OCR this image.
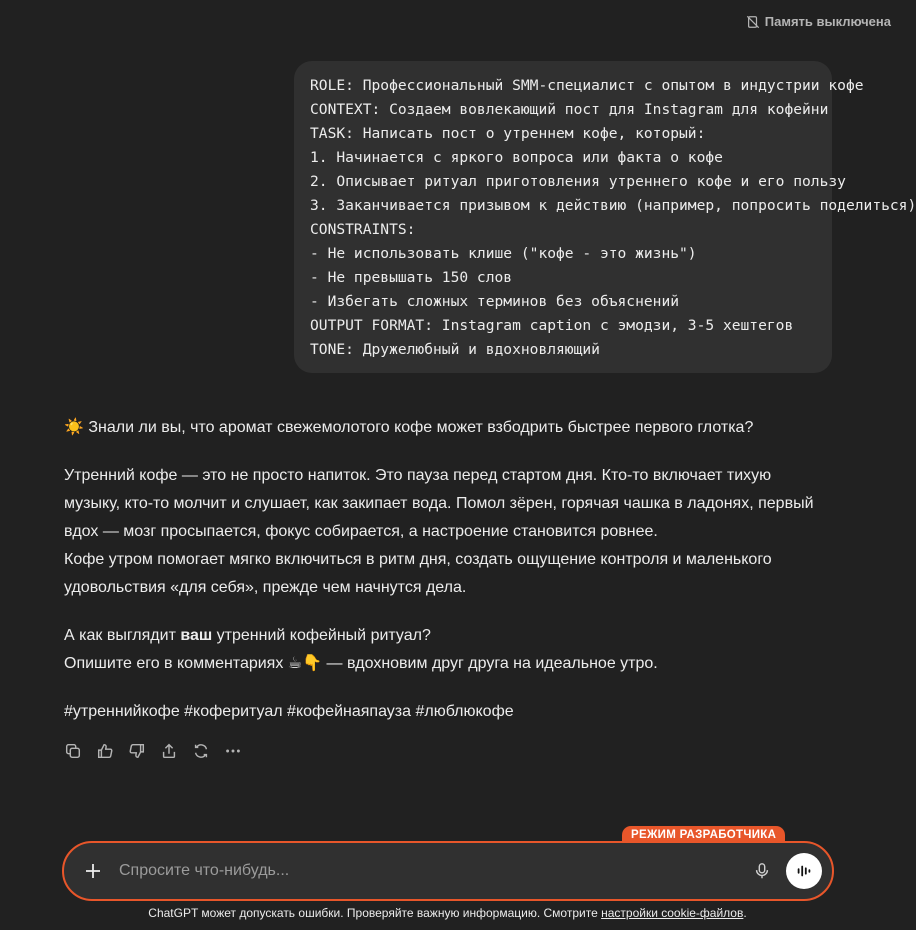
Память выключена
ROLE: Профессиональный SMM-специалист с опытом в индустрии кофе
CONTEXT: Создаем вовлекающий пост для Instagram для кофейни
TASK: Написать пост о утреннем кофе, который:
1. Начинается с яркого вопроса или факта о кофе
2. Описывает ритуал приготовления утреннего кофе и его пользу
3. Заканчивается призывом к действию (например, попросить поделиться)
CONSTRAINTS:
- Не использовать клише ("кофе - это жизнь")
- Не превышать 150 слов
- Избегать сложных терминов без объяснений
OUTPUT FORMAT: Instagram caption с эмодзи, 3-5 хештегов
TONE: Дружелюбный и вдохновляющий

☀️ Знали ли вы, что аромат свежемолотого кофе может взбодрить быстрее первого глотка?

Утренний кофе — это не просто напиток. Это пауза перед стартом дня. Кто-то включает тихую музыку, кто-то молчит и слушает, как закипает вода. Помол зёрен, горячая чашка в ладонях, первый вдох — мозг просыпается, фокус собирается, а настроение становится ровнее.

Кофе утром помогает мягко включиться в ритм дня, создать ощущение контроля и маленького удовольствия «для себя», прежде чем начнутся дела.

А как выглядит ваш утренний кофейный ритуал?

Опишите его в комментариях ☕👇 — вдохновим друг друга на идеальное утро.

#утреннийкофе #коферитуал #кофейнаяпауза #люблюкофе

РЕЖИМ РАЗРАБОТЧИКА
Спросите что-нибудь...
ChatGPT может допускать ошибки. Проверяйте важную информацию. Смотрите настройки cookie-файлов.
